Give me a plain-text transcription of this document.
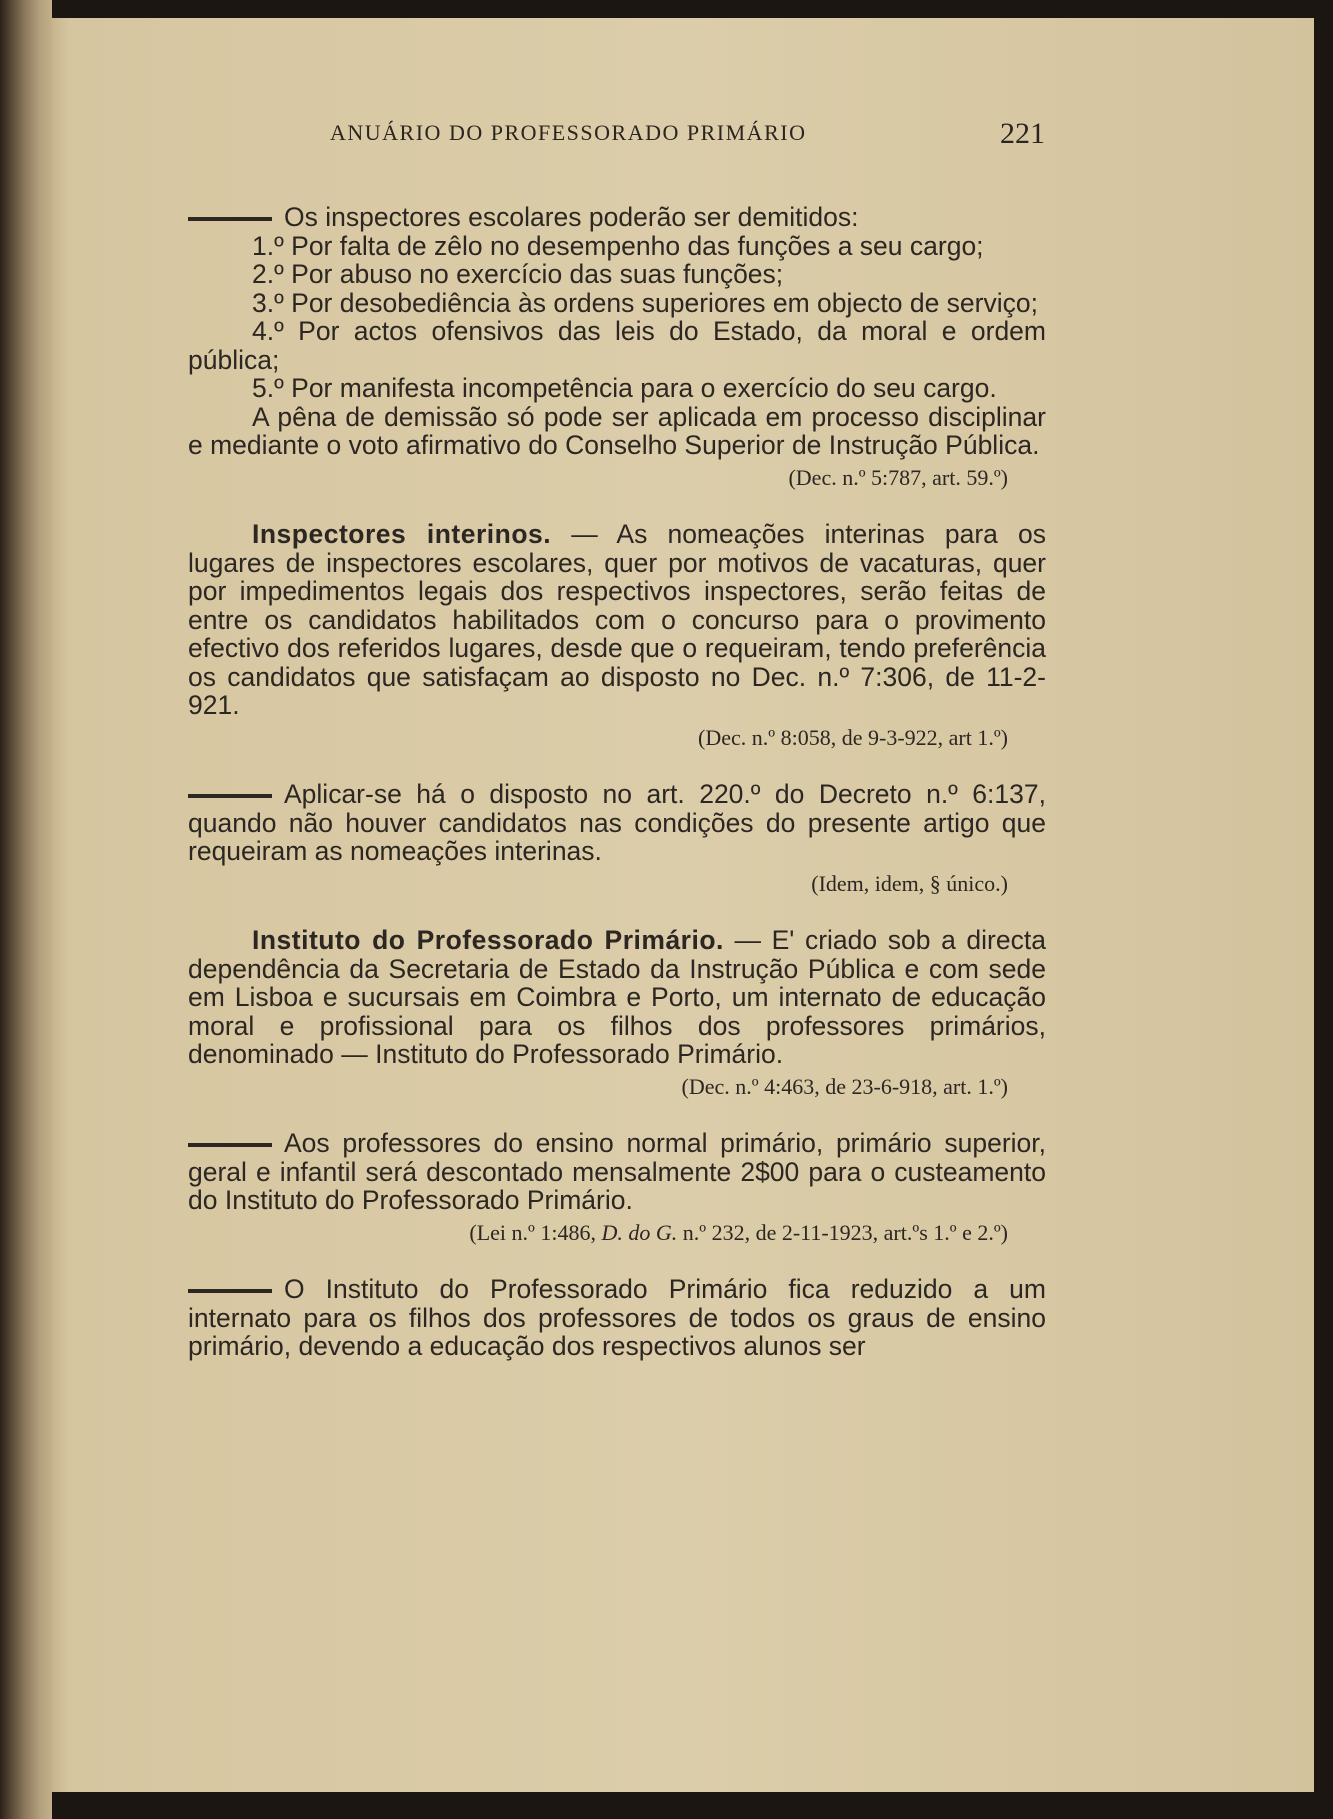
ANUÁRIO DO PROFESSORADO PRIMÁRIO	221

Os inspectores escolares poderão ser demitidos:

1.º Por falta de zêlo no desempenho das funções a seu cargo;

2.º Por abuso no exercício das suas funções;

3.º Por desobediência às ordens superiores em objecto de serviço;

4.º Por actos ofensivos das leis do Estado, da moral e ordem pública;

5.º Por manifesta incompetência para o exercício do seu cargo.

A pêna de demissão só pode ser aplicada em processo disciplinar e mediante o voto afirmativo do Conselho Superior de Instrução Pública.

(Dec. n.º 5:787, art. 59.º)

Inspectores interinos. — As nomeações interinas para os lugares de inspectores escolares, quer por motivos de vacaturas, quer por impedimentos legais dos respectivos inspectores, serão feitas de entre os candidatos habilitados com o concurso para o provimento efectivo dos referidos lugares, desde que o requeiram, tendo preferência os candidatos que satisfaçam ao disposto no Dec. n.º 7:306, de 11-2-921.

(Dec. n.º 8:058, de 9-3-922, art 1.º)

Aplicar-se há o disposto no art. 220.º do Decreto n.º 6:137, quando não houver candidatos nas condições do presente artigo que requeiram as nomeações interinas.

(Idem, idem, § único.)

Instituto do Professorado Primário. — E' criado sob a directa dependência da Secretaria de Estado da Instrução Pública e com sede em Lisboa e sucursais em Coimbra e Porto, um internato de educação moral e profissional para os filhos dos professores primários, denominado — Instituto do Professorado Primário.

(Dec. n.º 4:463, de 23-6-918, art. 1.º)

Aos professores do ensino normal primário, primário superior, geral e infantil será descontado mensalmente 2$00 para o custeamento do Instituto do Professorado Primário.

(Lei n.º 1:486, D. do G. n.º 232, de 2-11-1923, art.ºs 1.º e 2.º)

O Instituto do Professorado Primário fica reduzido a um internato para os filhos dos professores de todos os graus de ensino primário, devendo a educação dos respectivos alunos ser
